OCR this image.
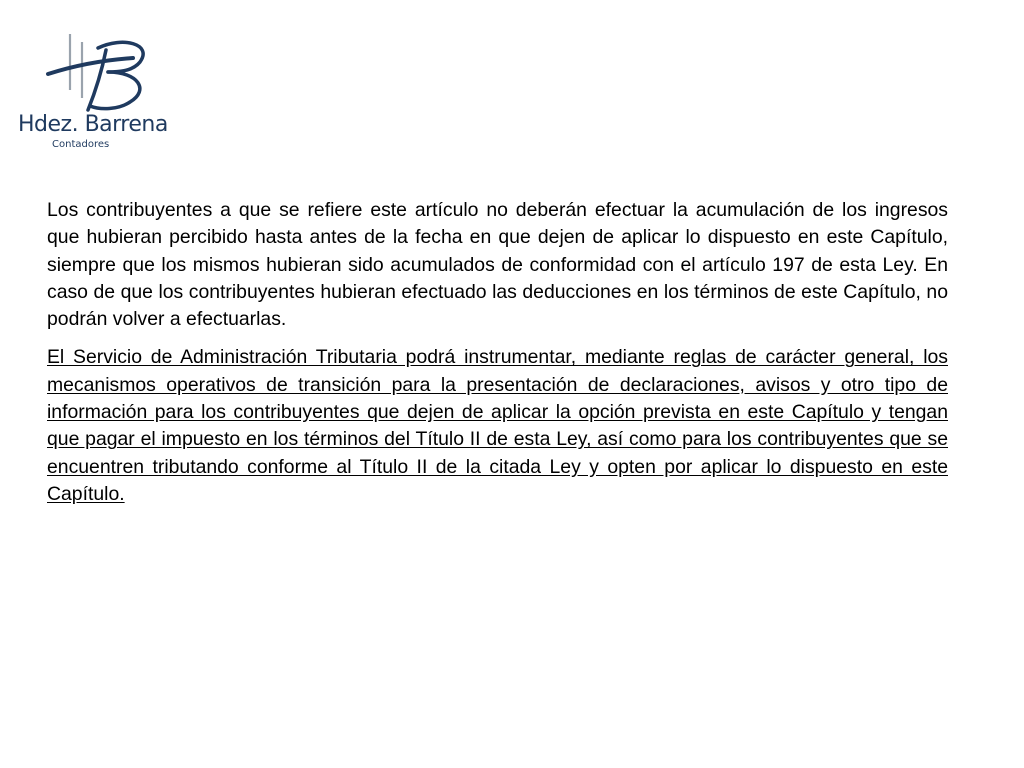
Hdez. Barrena
Contadores

Los contribuyentes a que se refiere este artículo no deberán efectuar la acumulación de los ingresos que hubieran percibido hasta antes de la fecha en que dejen de aplicar lo dispuesto en este Capítulo, siempre que los mismos hubieran sido acumulados de conformidad con el artículo 197 de esta Ley. En caso de que los contribuyentes hubieran efectuado las deducciones en los términos de este Capítulo, no podrán volver a efectuarlas.

El Servicio de Administración Tributaria podrá instrumentar, mediante reglas de carácter general, los mecanismos operativos de transición para la presentación de declaraciones, avisos y otro tipo de información para los contribuyentes que dejen de aplicar la opción prevista en este Capítulo y tengan que pagar el impuesto en los términos del Título II de esta Ley, así como para los contribuyentes que se encuentren tributando conforme al Título II de la citada Ley y opten por aplicar lo dispuesto en este Capítulo.
